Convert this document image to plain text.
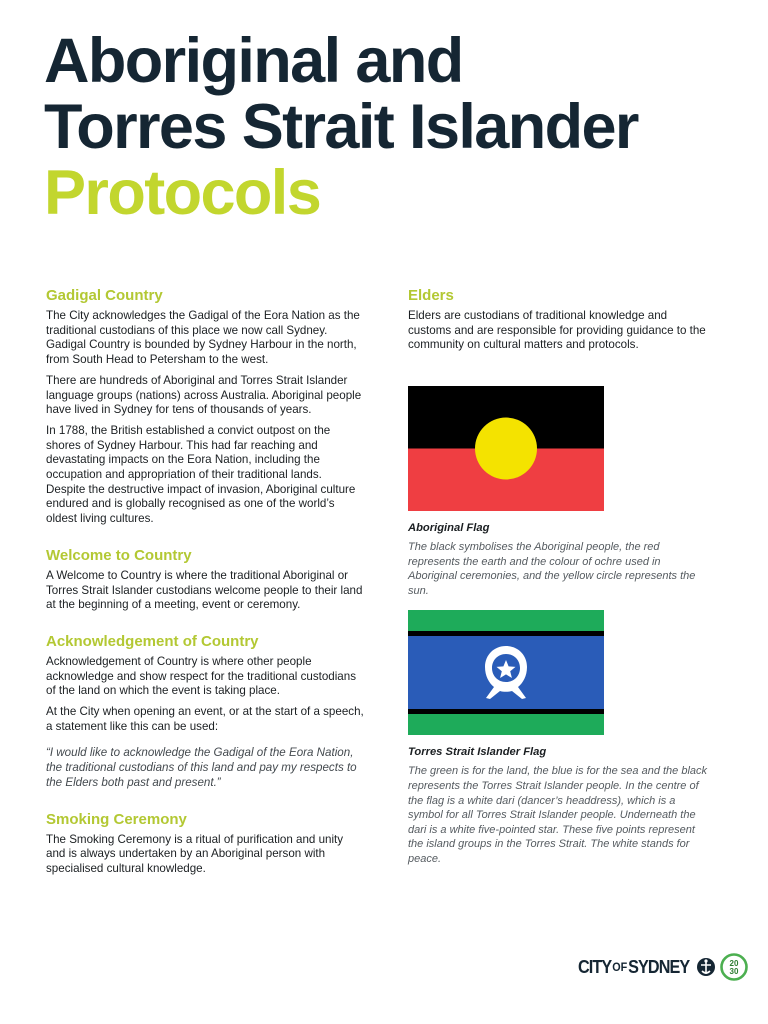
Aboriginal and
Torres Strait Islander
Protocols
Gadigal Country

The City acknowledges the Gadigal of the Eora Nation as the traditional custodians of this place we now call Sydney. Gadigal Country is bounded by Sydney Harbour in the north, from South Head to Petersham to the west.

There are hundreds of Aboriginal and Torres Strait Islander language groups (nations) across Australia. Aboriginal people have lived in Sydney for tens of thousands of years.

In 1788, the British established a convict outpost on the shores of Sydney Harbour. This had far reaching and devastating impacts on the Eora Nation, including the occupation and appropriation of their traditional lands. Despite the destructive impact of invasion, Aboriginal culture endured and is globally recognised as one of the world’s oldest living cultures.

Welcome to Country

A Welcome to Country is where the traditional Aboriginal or Torres Strait Islander custodians welcome people to their land at the beginning of a meeting, event or ceremony.

Acknowledgement of Country

Acknowledgement of Country is where other people acknowledge and show respect for the traditional custodians of the land on which the event is taking place.

At the City when opening an event, or at the start of a speech, a statement like this can be used:

“I would like to acknowledge the Gadigal of the Eora Nation, the traditional custodians of this land and pay my respects to the Elders both past and present.”

Smoking Ceremony

The Smoking Ceremony is a ritual of purification and unity and is always undertaken by an Aboriginal person with specialised cultural knowledge.

Elders

Elders are custodians of traditional knowledge and customs and are responsible for providing guidance to the community on cultural matters and protocols.

Aboriginal Flag

The black symbolises the Aboriginal people, the red represents the earth and the colour of ochre used in Aboriginal ceremonies, and the yellow circle represents the sun.

Torres Strait Islander Flag

The green is for the land, the blue is for the sea and the black represents the Torres Strait Islander people. In the centre of the flag is a white dari (dancer’s headdress), which is a symbol for all Torres Strait Islander people. Underneath the dari is a white five-pointed star. These five points represent the island groups in the Torres Strait. The white stands for peace.

CITY OF SYDNEY	20
30
